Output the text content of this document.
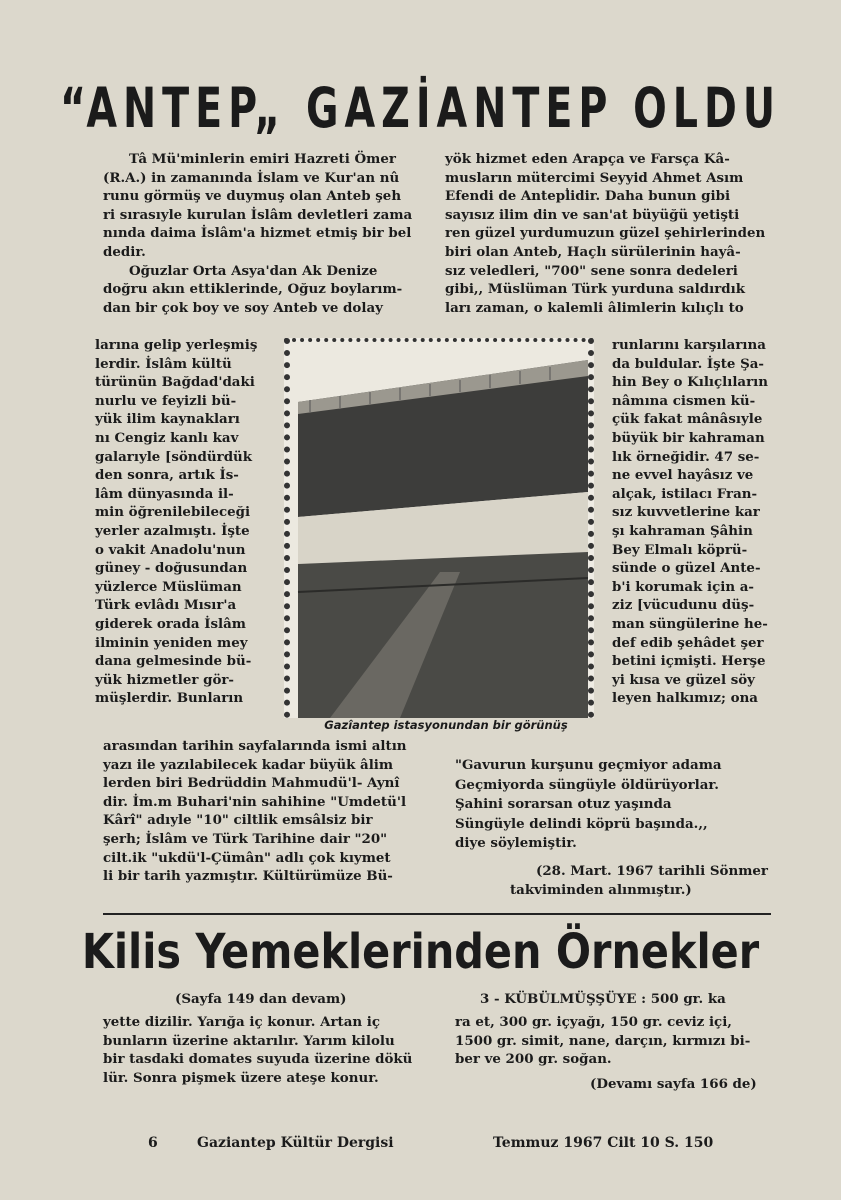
“ANTEP„ GAZİANTEP OLDU

Tâ Mü'minlerin emiri Hazreti Ömer

(R.A.) in zamanında İslam ve Kur'an nû

runu görmüş ve duymuş olan Anteb şeh

ri sırasıyle kurulan İslâm devletleri zama

nında daima İslâm'a hizmet etmiş bir bel

dedir.

Oğuzlar Orta Asya'dan Ak Denize

doğru akın ettiklerinde, Oğuz boylarım-

dan bir çok boy ve soy Anteb ve dolay

larına gelip yerleşmiş

lerdir. İslâm kültü

türünün Bağdad'daki

nurlu ve feyizli bü-

yük ilim kaynakları

nı Cengiz kanlı kav

galarıyle [söndürdük

den sonra, artık İs-

lâm dünyasında il-

min öğrenilebileceği

yerler azalmıştı. İşte

o vakit Anadolu'nun

güney - doğusundan

yüzlerce Müslüman

Türk evlâdı Mısır'a

giderek orada İslâm

ilminin yeniden mey

dana gelmesinde bü-

yük hizmetler gör-

müşlerdir. Bunların

arasından tarihin sayfalarında ismi altın

yazı ile yazılabilecek kadar büyük âlim

lerden biri Bedrüddin Mahmudü'l- Aynî

dir. İm.m Buhari'nin sahihine "Umdetü'l

Kârî" adıyle "10" ciltlik emsâlsiz bir

şerh; İslâm ve Türk Tarihine dair "20"

cilt.ik "ukdü'l-Çümân" adlı çok kıymet

li bir tarih yazmıştır. Kültürümüze Bü-

yök hizmet eden Arapça ve Farsça Kâ-

musların mütercimi Seyyid Ahmet Asım

Efendi de Antepl̇idir. Daha bunun gibi

sayısız ilim din ve san'at büyüğü yetişti

ren güzel yurdumuzun güzel şehirlerinden

biri olan Anteb, Haçlı sürülerinin hayâ-

sız veledleri, "700" sene sonra dedeleri

gibi,, Müslüman Türk yurduna saldırdık

ları zaman, o kalemli âlimlerin kılıçlı to

runlarını karşılarına

da buldular. İşte Şa-

hin Bey o Kılıçlıların

nâmına cismen kü-

çük fakat mânâsıyle

büyük bir kahraman

lık örneğidir. 47 se-

ne evvel hayâsız ve

alçak, istilacı Fran-

sız kuvvetlerine kar

şı kahraman Şâhin

Bey Elmalı köprü-

sünde o güzel Ante-

b'i korumak için a-

ziz [vücudunu düş-

man süngülerine he-

def edib şehâdet şer

betini içmişti. Herşe

yi kısa ve güzel söy

leyen halkımız; ona

"Gavurun kurşunu geçmiyor adama

Geçmiyorda süngüyle öldürüyorlar.

Şahini sorarsan otuz yaşında

Süngüyle delindi köprü başında.,,

diye söylemiştir.

(28. Mart. 1967 tarihli Sönmer

takviminden alınmıştır.)

Gazîantep istasyonundan bir görünüş
Kilis Yemeklerinden Örnekler
(Sayfa 149 dan devam)

yette dizilir. Yarığa iç konur. Artan iç

bunların üzerine aktarılır. Yarım kilolu

bir tasdaki domates suyuda üzerine dökü

lür. Sonra pişmek üzere ateşe konur.

3 - KÜBÜLMÜŞŞÜYE : 500 gr. ka

ra et, 300 gr. içyağı, 150 gr. ceviz içi,

1500 gr. simit, nane, darçın, kırmızı bi-

ber ve 200 gr. soğan.

(Devamı sayfa 166 de)
6	Gaziantep Kültür Dergisi	Temmuz 1967 Cilt 10 S. 150
